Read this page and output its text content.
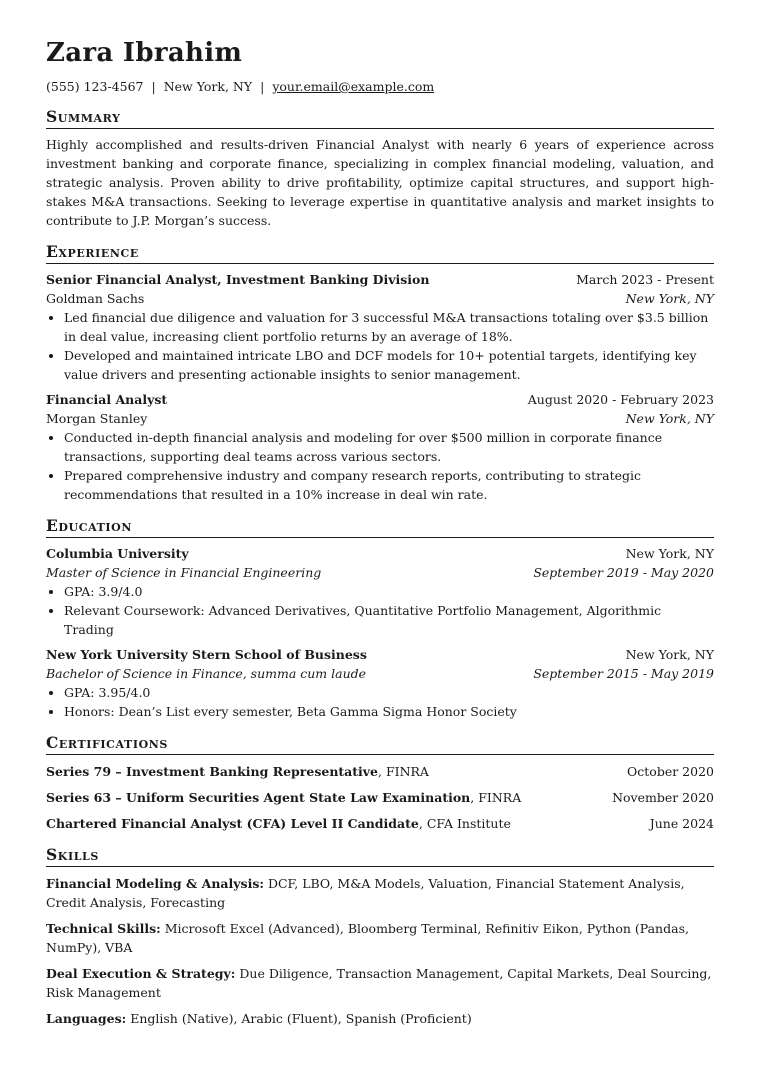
Zara Ibrahim
(555) 123-4567 | New York, NY | your.email@example.com
Summary
Highly accomplished and results-driven Financial Analyst with nearly 6 years of experience across investment banking and corporate finance, specializing in complex financial modeling, valuation, and strategic analysis. Proven ability to drive profitability, optimize capital structures, and support high-stakes M&A transactions. Seeking to leverage expertise in quantitative analysis and market insights to contribute to J.P. Morgan’s success.
Experience
Senior Financial Analyst, Investment Banking Division	March 2023 - Present
Goldman Sachs	New York, NY
• Led financial due diligence and valuation for 3 successful M&A transactions totaling over $3.5 billion in deal value, increasing client portfolio returns by an average of 18%.
• Developed and maintained intricate LBO and DCF models for 10+ potential targets, identifying key value drivers and presenting actionable insights to senior management.
Financial Analyst	August 2020 - February 2023
Morgan Stanley	New York, NY
• Conducted in-depth financial analysis and modeling for over $500 million in corporate finance transactions, supporting deal teams across various sectors.
• Prepared comprehensive industry and company research reports, contributing to strategic recommendations that resulted in a 10% increase in deal win rate.
Education
Columbia University	New York, NY
Master of Science in Financial Engineering	September 2019 - May 2020
• GPA: 3.9/4.0
• Relevant Coursework: Advanced Derivatives, Quantitative Portfolio Management, Algorithmic Trading
New York University Stern School of Business	New York, NY
Bachelor of Science in Finance, summa cum laude	September 2015 - May 2019
• GPA: 3.95/4.0
• Honors: Dean’s List every semester, Beta Gamma Sigma Honor Society
Certifications
Series 79 – Investment Banking Representative, FINRA	October 2020
Series 63 – Uniform Securities Agent State Law Examination, FINRA	November 2020
Chartered Financial Analyst (CFA) Level II Candidate, CFA Institute	June 2024
Skills
Financial Modeling & Analysis: DCF, LBO, M&A Models, Valuation, Financial Statement Analysis, Credit Analysis, Forecasting
Technical Skills: Microsoft Excel (Advanced), Bloomberg Terminal, Refinitiv Eikon, Python (Pandas, NumPy), VBA
Deal Execution & Strategy: Due Diligence, Transaction Management, Capital Markets, Deal Sourcing, Risk Management
Languages: English (Native), Arabic (Fluent), Spanish (Proficient)
